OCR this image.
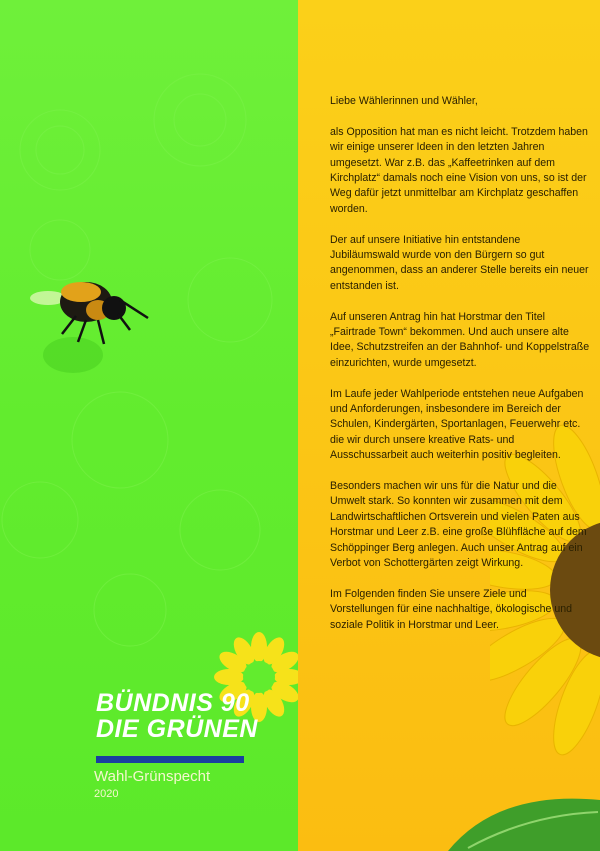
BÜNDNIS 90
DIE GRÜNEN
Wahl-Grünspecht
2020

Liebe Wählerinnen und Wähler,

als Opposition hat man es nicht leicht. Trotzdem haben wir einige unserer Ideen in den letzten Jahren umgesetzt. War z.B. das „Kaffeetrinken auf dem Kirchplatz“ damals noch eine Vision von uns, so ist der Weg dafür jetzt unmittelbar am Kirchplatz geschaffen worden.

Der auf unsere Initiative hin entstandene Jubiläumswald wurde von den Bürgern so gut angenommen, dass an anderer Stelle bereits ein neuer entstanden ist.

Auf unseren Antrag hin hat Horstmar den Titel „Fairtrade Town“ bekommen. Und auch unsere alte Idee, Schutzstreifen an der Bahnhof- und Koppelstraße einzurichten, wurde umgesetzt.

Im Laufe jeder Wahlperiode entstehen neue Aufgaben und Anforderungen, insbesondere im Bereich der Schulen, Kindergärten, Sportanlagen, Feuerwehr etc. die wir durch unsere kreative Rats- und Ausschussarbeit auch weiterhin positiv begleiten.

Besonders machen wir uns für die Natur und die Umwelt stark. So konnten wir zusammen mit dem Landwirtschaftlichen Ortsverein und vielen Paten aus Horstmar und Leer z.B. eine große Blühfläche auf dem Schöppinger Berg anlegen. Auch unser Antrag auf ein Verbot von Schottergärten zeigt Wirkung.

Im Folgenden finden Sie unsere Ziele und Vorstellungen für eine nachhaltige, ökologische und soziale Politik in Horstmar und Leer.
